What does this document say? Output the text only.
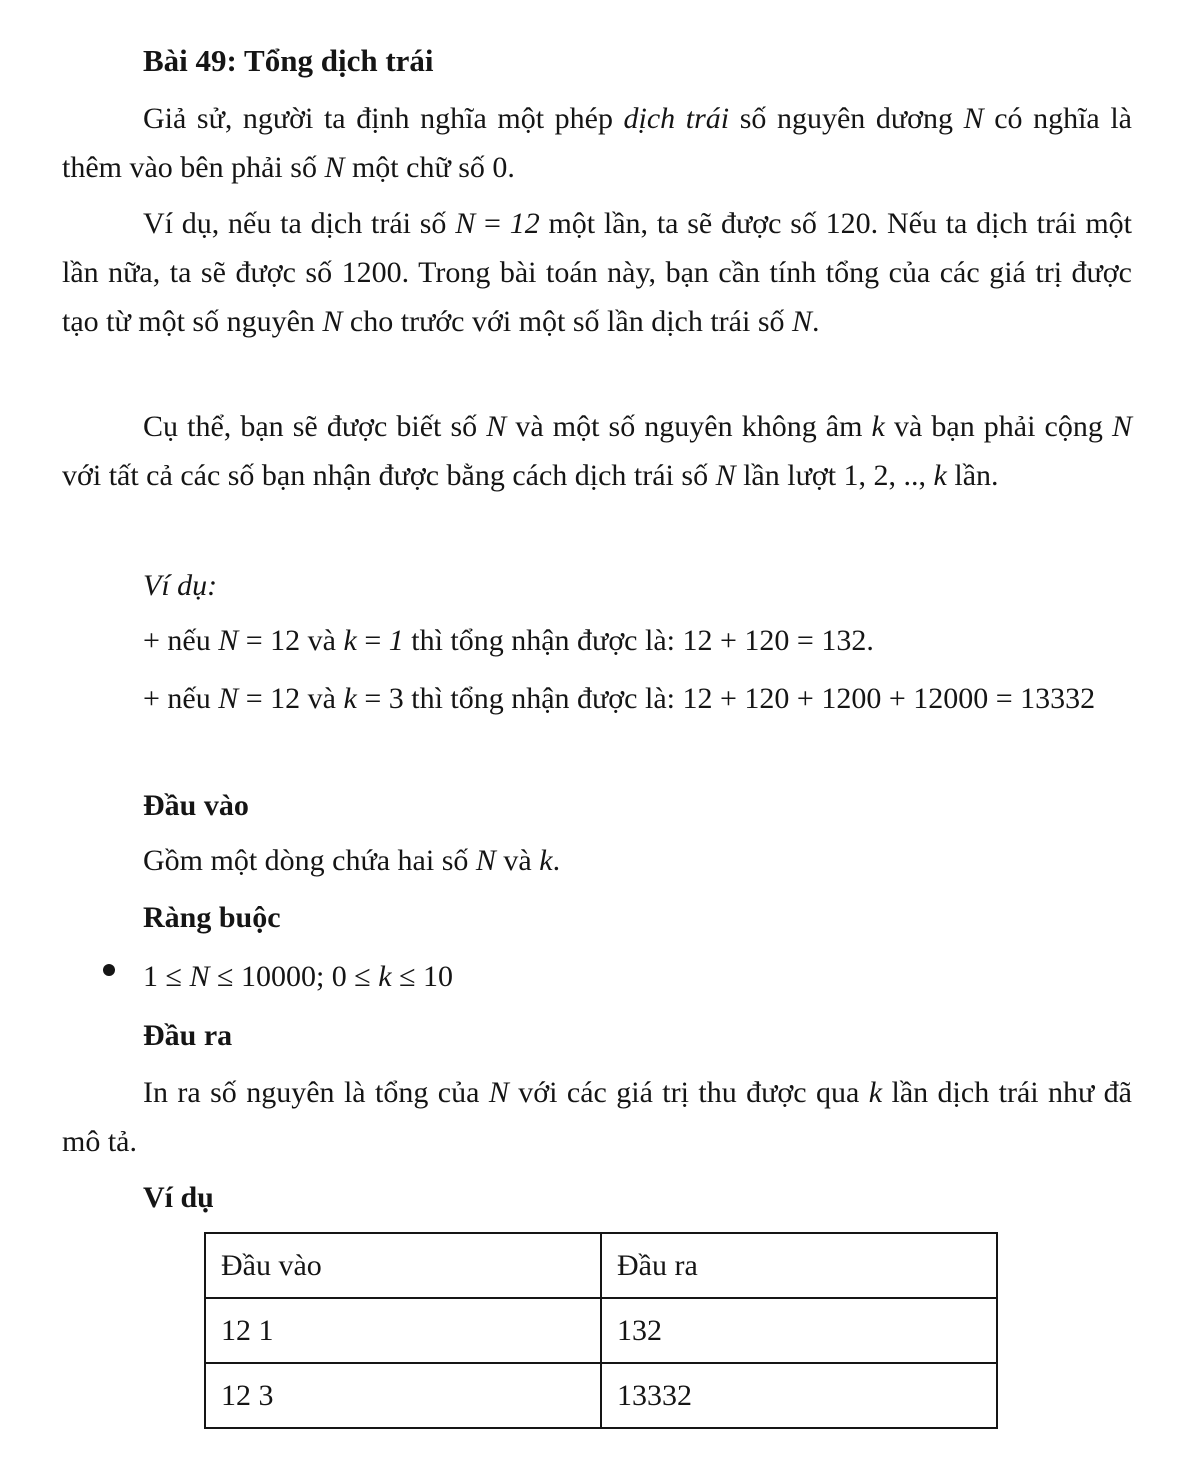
Bài 49: Tổng dịch trái
Giả sử, người ta định nghĩa một phép dịch trái số nguyên dương N có nghĩa là thêm vào bên phải số N một chữ số 0.
Ví dụ, nếu ta dịch trái số N = 12 một lần, ta sẽ được số 120. Nếu ta dịch trái một lần nữa, ta sẽ được số 1200. Trong bài toán này, bạn cần tính tổng của các giá trị được tạo từ một số nguyên N cho trước với một số lần dịch trái số N.
Cụ thể, bạn sẽ được biết số N và một số nguyên không âm k và bạn phải cộng N với tất cả các số bạn nhận được bằng cách dịch trái số N lần lượt 1, 2, .., k lần.
Ví dụ:
+ nếu N = 12 và k = 1 thì tổng nhận được là: 12 + 120 = 132.
+ nếu N = 12 và k = 3 thì tổng nhận được là: 12 + 120 + 1200 + 12000 = 13332
Đầu vào
Gồm một dòng chứa hai số N và k.
Ràng buộc
1 ≤ N ≤ 10000; 0 ≤ k ≤ 10
Đầu ra
In ra số nguyên là tổng của N với các giá trị thu được qua k lần dịch trái như đã mô tả.
Ví dụ
Đầu vào	Đầu ra
12 1	132
12 3	13332
